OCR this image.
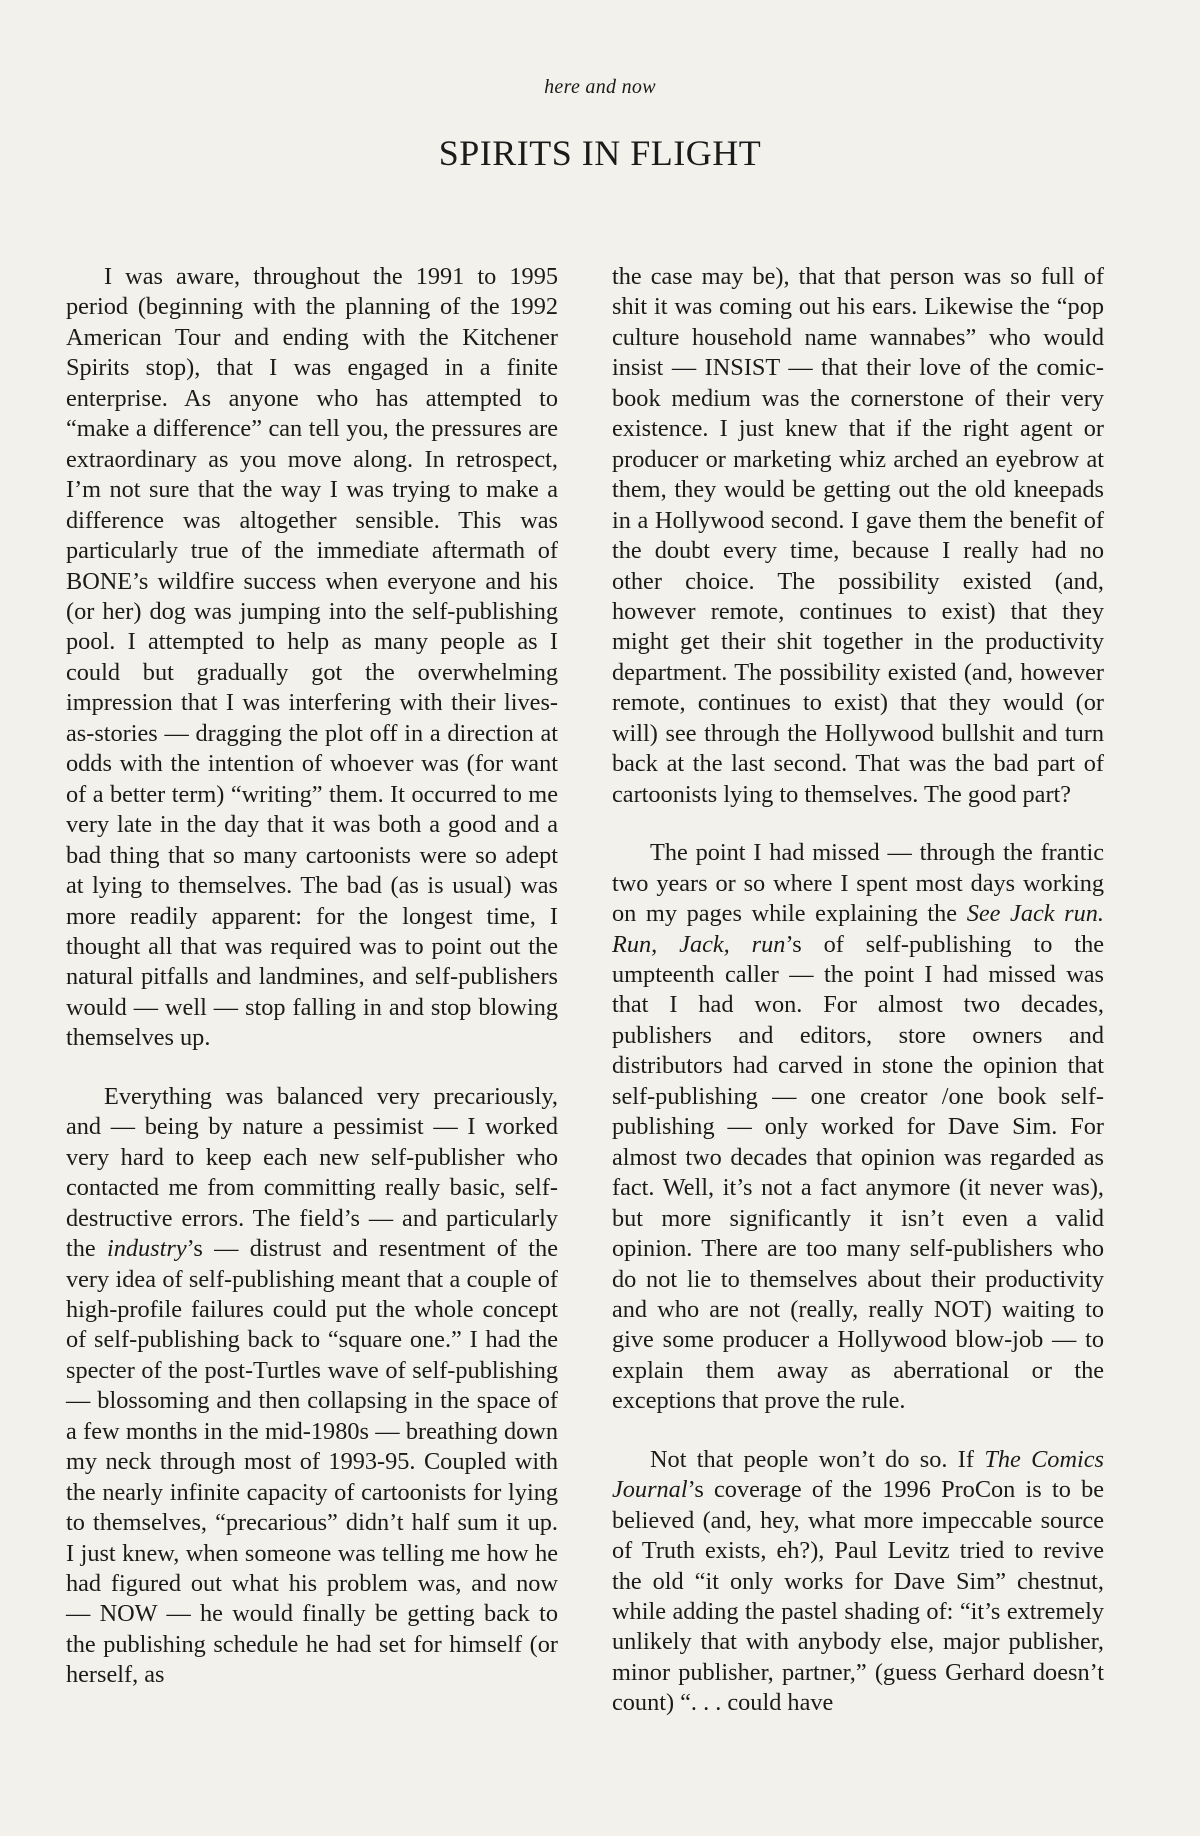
here and now
SPIRITS IN FLIGHT

I was aware, throughout the 1991 to 1995 period (beginning with the planning of the 1992 American Tour and ending with the Kitchener Spirits stop), that I was engaged in a finite enterprise. As anyone who has attempted to “make a difference” can tell you, the pressures are extraordinary as you move along. In retrospect, I’m not sure that the way I was trying to make a difference was altogether sensible. This was particularly true of the immediate aftermath of BONE’s wildfire success when everyone and his (or her) dog was jumping into the self-publishing pool. I attempted to help as many people as I could but gradually got the overwhelming impression that I was interfering with their lives-as-stories — dragging the plot off in a direction at odds with the intention of whoever was (for want of a better term) “writing” them. It occurred to me very late in the day that it was both a good and a bad thing that so many cartoonists were so adept at lying to themselves. The bad (as is usual) was more readily apparent: for the longest time, I thought all that was required was to point out the natural pitfalls and landmines, and self-publishers would — well — stop falling in and stop blowing themselves up.

Everything was balanced very precariously, and — being by nature a pessimist — I worked very hard to keep each new self-publisher who contacted me from committing really basic, self-destructive errors. The field’s — and particularly the industry’s — distrust and resentment of the very idea of self-publishing meant that a couple of high-profile failures could put the whole concept of self-publishing back to “square one.” I had the specter of the post-Turtles wave of self-publishing — blossoming and then collapsing in the space of a few months in the mid-1980s — breathing down my neck through most of 1993-95. Coupled with the nearly infinite capacity of cartoonists for lying to themselves, “precarious” didn’t half sum it up. I just knew, when someone was telling me how he had figured out what his problem was, and now — NOW — he would finally be getting back to the publishing schedule he had set for himself (or herself, as

the case may be), that that person was so full of shit it was coming out his ears. Likewise the “pop culture household name wannabes” who would insist — INSIST — that their love of the comic-book medium was the cornerstone of their very existence. I just knew that if the right agent or producer or marketing whiz arched an eyebrow at them, they would be getting out the old kneepads in a Hollywood second. I gave them the benefit of the doubt every time, because I really had no other choice. The possibility existed (and, however remote, continues to exist) that they might get their shit together in the productivity department. The possibility existed (and, however remote, continues to exist) that they would (or will) see through the Hollywood bullshit and turn back at the last second. That was the bad part of cartoonists lying to themselves. The good part?

The point I had missed — through the frantic two years or so where I spent most days working on my pages while explaining the See Jack run. Run, Jack, run’s of self-publishing to the umpteenth caller — the point I had missed was that I had won. For almost two decades, publishers and editors, store owners and distributors had carved in stone the opinion that self-publishing — one creator /one book self-publishing — only worked for Dave Sim. For almost two decades that opinion was regarded as fact. Well, it’s not a fact anymore (it never was), but more significantly it isn’t even a valid opinion. There are too many self-publishers who do not lie to themselves about their productivity and who are not (really, really NOT) waiting to give some producer a Hollywood blow-job — to explain them away as aberrational or the exceptions that prove the rule.

Not that people won’t do so. If The Comics Journal’s coverage of the 1996 ProCon is to be believed (and, hey, what more impeccable source of Truth exists, eh?), Paul Levitz tried to revive the old “it only works for Dave Sim” chestnut, while adding the pastel shading of: “it’s extremely unlikely that with anybody else, major publisher, minor publisher, partner,” (guess Gerhard doesn’t count) “. . . could have
